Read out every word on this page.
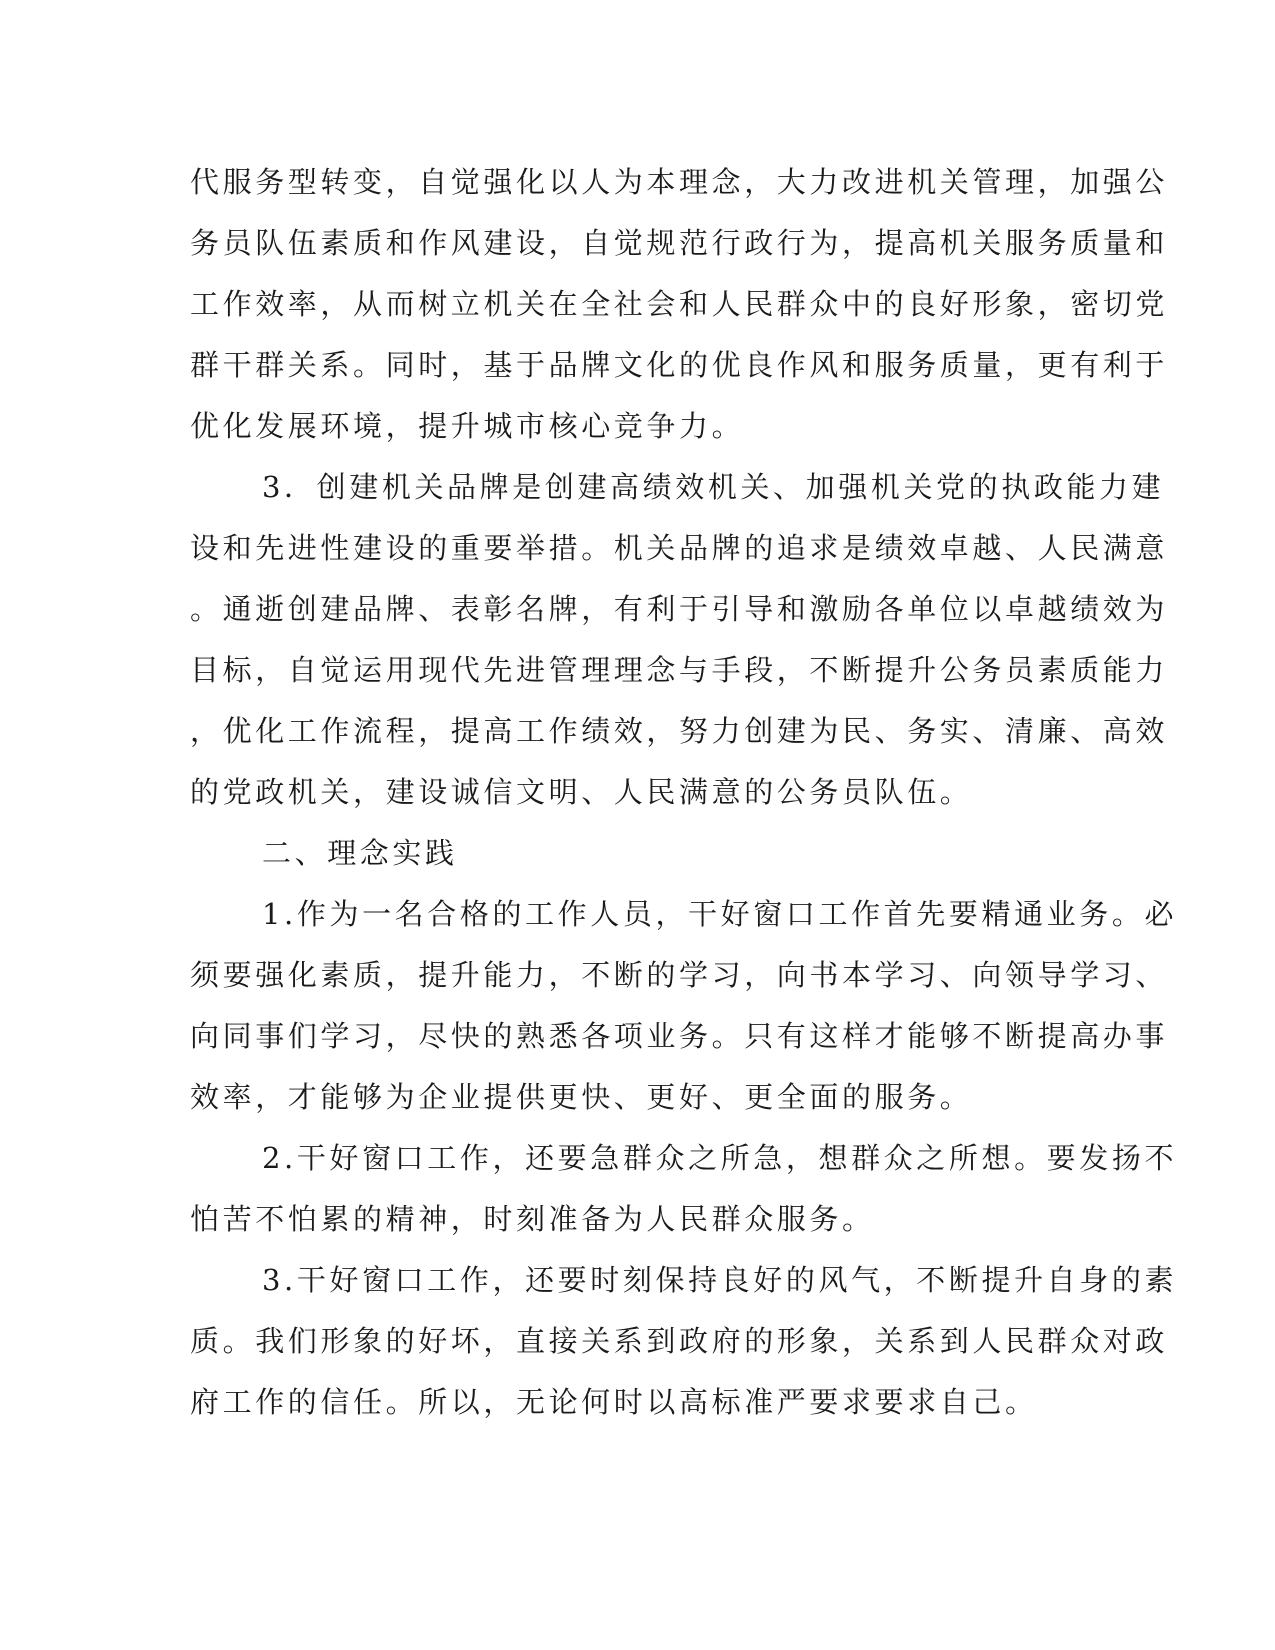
代服务型转变，自觉强化以人为本理念，大力改进机关管理，加强公
务员队伍素质和作风建设，自觉规范行政行为，提高机关服务质量和
工作效率，从而树立机关在全社会和人民群众中的良好形象，密切党
群干群关系。同时，基于品牌文化的优良作风和服务质量，更有利于
优化发展环境，提升城市核心竞争力。
3．创建机关品牌是创建高绩效机关、加强机关党的执政能力建
设和先进性建设的重要举措。机关品牌的追求是绩效卓越、人民满意
。通逝创建品牌、表彰名牌，有利于引导和激励各单位以卓越绩效为
目标，自觉运用现代先进管理理念与手段，不断提升公务员素质能力
，优化工作流程，提高工作绩效，努力创建为民、务实、清廉、高效
的党政机关，建设诚信文明、人民满意的公务员队伍。
二、理念实践
1.作为一名合格的工作人员，干好窗口工作首先要精通业务。必
须要强化素质，提升能力，不断的学习，向书本学习、向领导学习、
向同事们学习，尽快的熟悉各项业务。只有这样才能够不断提高办事
效率，才能够为企业提供更快、更好、更全面的服务。
2.干好窗口工作，还要急群众之所急，想群众之所想。要发扬不
怕苦不怕累的精神，时刻准备为人民群众服务。
3.干好窗口工作，还要时刻保持良好的风气，不断提升自身的素
质。我们形象的好坏，直接关系到政府的形象，关系到人民群众对政
府工作的信任。所以，无论何时以高标准严要求要求自己。
